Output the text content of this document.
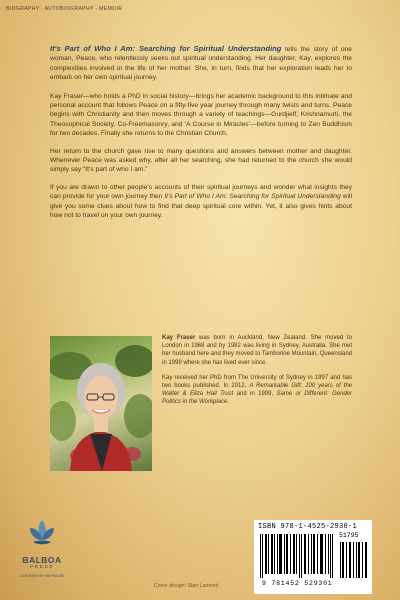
BIOGRAPHY - AUTOBIOGRAPHY - MEMOIR

It's Part of Who I Am: Searching for Spiritual Understanding tells the story of one woman, Peace, who relentlessly seeks out spiritual understanding. Her daughter, Kay, explores the complexities involved in the life of her mother. She, in turn, finds that her exploration leads her to embark on her own spiritual journey.

Kay Fraser—who holds a PhD in social history—brings her academic background to this intimate and personal account that follows Peace on a fifty-five year journey through many twists and turns. Peace begins with Christianity and then moves through a variety of teachings—Gurdjieff, Krishnamurti, the Theosophical Society, Co-Freemasonry, and ‘A Course in Miracles’—before turning to Zen Buddhism for two decades. Finally she returns to the Christian Church.

Her return to the church gave rise to many questions and answers between mother and daughter. Whenever Peace was asked why, after all her searching, she had returned to the church she would simply say “It's part of who I am.”

If you are drawn to other people's accounts of their spiritual journeys and wonder what insights they can provide for your own journey then It's Part of Who I Am: Searching for Spiritual Understanding will give you some clues about how to find that deep spiritual core within. Yet, it also gives hints about how not to travel on your own journey.

Kay Fraser was born in Auckland, New Zealand. She moved to London in 1968 and by 1982 was living in Sydney, Australia. She met her husband here and they moved to Tamborine Mountain, Queensland in 1999 where she has lived ever since.

Kay received her PhD from The University of Sydney in 1997 and has two books published. In 2012, A Remarkable Gift: 100 years of the Walter & Eliza Hall Trust and in 1999, Same or Different: Gender Politics in the Workplace.

BALBOA
PRESS
A DIVISION OF HAY HOUSE
Cover design: Stan Lamond
ISBN 978-1-4525-2930-1
51795
9 781452 529301
